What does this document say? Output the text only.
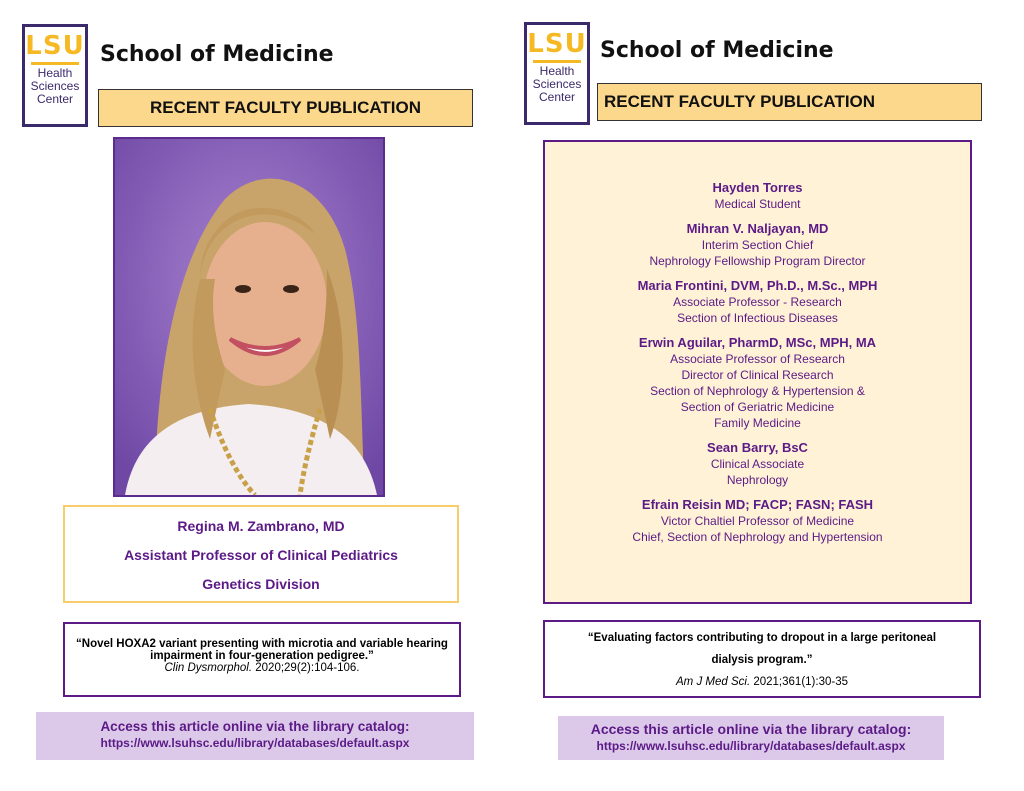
LSU
Health
Sciences
Center
School of Medicine
RECENT FACULTY PUBLICATION
Regina M. Zambrano, MD
Assistant Professor of Clinical Pediatrics
Genetics Division
“Novel HOXA2 variant presenting with microtia and variable hearing
impairment in four-generation pedigree.”
Clin Dysmorphol. 2020;29(2):104-106.
Access this article online via the library catalog:
https://www.lsuhsc.edu/library/databases/default.aspx
LSU
Health
Sciences
Center
School of Medicine
RECENT FACULTY PUBLICATION
Hayden Torres
Medical Student
Mihran V. Naljayan, MD
Interim Section Chief
Nephrology Fellowship Program Director
Maria Frontini, DVM, Ph.D., M.Sc., MPH
Associate Professor - Research
Section of Infectious Diseases
Erwin Aguilar, PharmD, MSc, MPH, MA
Associate Professor of Research
Director of Clinical Research
Section of Nephrology & Hypertension &
Section of Geriatric Medicine
Family Medicine
Sean Barry, BsC
Clinical Associate
Nephrology
Efrain Reisin MD; FACP; FASN; FASH
Victor Chaltiel Professor of Medicine
Chief, Section of Nephrology and Hypertension
“Evaluating factors contributing to dropout in a large peritoneal
dialysis program.”
Am J Med Sci. 2021;361(1):30-35
Access this article online via the library catalog:
https://www.lsuhsc.edu/library/databases/default.aspx
